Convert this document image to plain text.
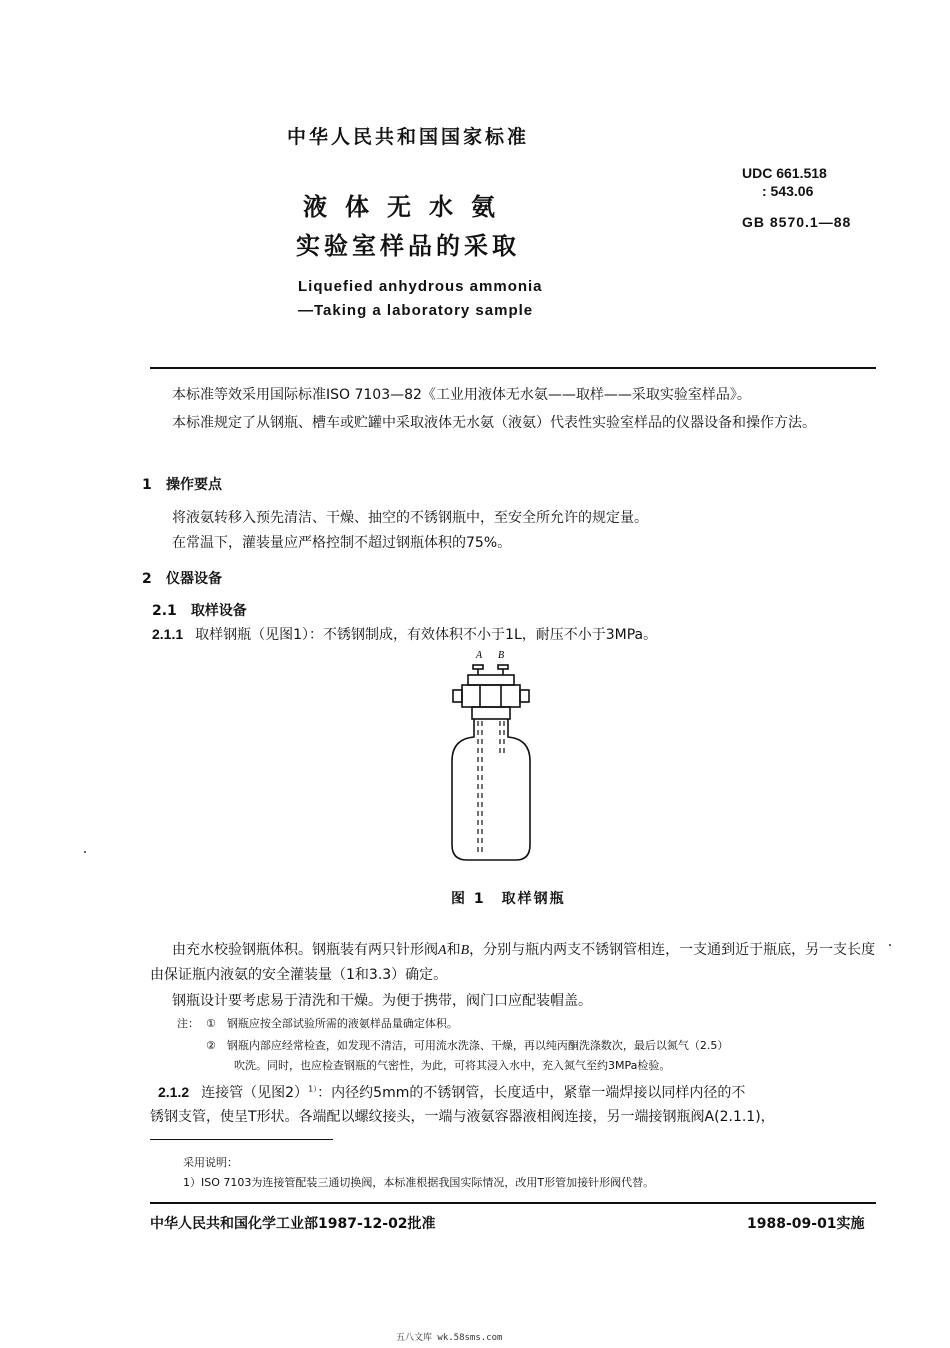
中华人民共和国国家标准
UDC 661.518
: 543.06
GB 8570.1—88
液体无水氨
实验室样品的采取
Liquefied anhydrous ammonia
—Taking a laboratory sample
本标准等效采用国际标准ISO 7103—82《工业用液体无水氨——取样——采取实验室样品》。
本标准规定了从钢瓶、槽车或贮罐中采取液体无水氨（液氨）代表性实验室样品的仪器设备和操作方法。
1 操作要点
将液氨转移入预先清洁、干燥、抽空的不锈钢瓶中，至安全所允许的规定量。
在常温下，灌装量应严格控制不超过钢瓶体积的75%。
2 仪器设备
2.1 取样设备
2.1.1 取样钢瓶（见图1）：不锈钢制成，有效体积不小于1L，耐压不小于3MPa。
A B
图 1　取样钢瓶
由充水校验钢瓶体积。钢瓶装有两只针形阀A和B，分别与瓶内两支不锈钢管相连，一支通到近于瓶底，另一支长度由保证瓶内液氨的安全灌装量（1和3.3）确定。
钢瓶设计要考虑易于清洗和干燥。为便于携带，阀门口应配装帽盖。
注： ①　钢瓶应按全部试验所需的液氨样品量确定体积。
②　钢瓶内部应经常检查，如发现不清洁，可用流水洗涤、干燥，再以纯丙酮洗涤数次，最后以氮气（2.5）
吹洗。同时，也应检查钢瓶的气密性，为此，可将其浸入水中，充入氮气至约3MPa检验。
2.1.2 连接管（见图2）$^{1)}$：内径约5mm的不锈钢管，长度适中，紧靠一端焊接以同样内径的不
锈钢支管，使呈T形状。各端配以螺纹接头，一端与液氨容器液相阀连接，另一端接钢瓶阀A(2.1.1)，
采用说明：
1）ISO 7103为连接管配装三通切换阀，本标准根据我国实际情况，改用T形管加接针形阀代替。
中华人民共和国化学工业部1987-12-02批准	1988-09-01实施
五八文库 wk.58sms.com
